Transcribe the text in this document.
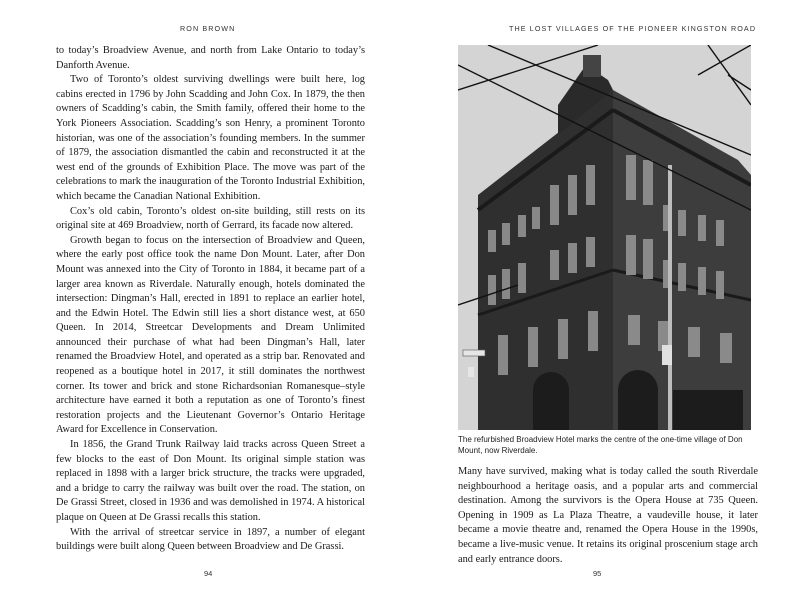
RON BROWN

to today’s Broadview Avenue, and north from Lake Ontario to today’s Danforth Avenue.

Two of Toronto’s oldest surviving dwellings were built here, log cabins erected in 1796 by John Scadding and John Cox. In 1879, the then owners of Scadding’s cabin, the Smith family, offered their home to the York Pioneers Association. Scadding’s son Henry, a prominent Toronto historian, was one of the association’s founding members. In the summer of 1879, the association dismantled the cabin and reconstructed it at the west end of the grounds of Exhibition Place. The move was part of the celebrations to mark the inauguration of the Toronto Industrial Exhibition, which became the Canadian National Exhibition.

Cox’s old cabin, Toronto’s oldest on-site building, still rests on its original site at 469 Broadview, north of Gerrard, its facade now altered.

Growth began to focus on the intersection of Broadview and Queen, where the early post office took the name Don Mount. Later, after Don Mount was annexed into the City of Toronto in 1884, it became part of a larger area known as Riverdale. Naturally enough, hotels dominated the intersection: Dingman’s Hall, erected in 1891 to replace an earlier hotel, and the Edwin Hotel. The Edwin still lies a short distance west, at 650 Queen. In 2014, Streetcar Developments and Dream Unlimited announced their purchase of what had been Dingman’s Hall, later renamed the Broadview Hotel, and operated as a strip bar. Renovated and reopened as a boutique hotel in 2017, it still dominates the northwest corner. Its tower and brick and stone Richardsonian Romanesque–style architecture have earned it both a reputation as one of Toronto’s finest restoration projects and the Lieutenant Governor’s Ontario Heritage Award for Excellence in Conservation.

In 1856, the Grand Trunk Railway laid tracks across Queen Street a few blocks to the east of Don Mount. Its original simple station was replaced in 1898 with a larger brick structure, the tracks were upgraded, and a bridge to carry the railway was built over the road. The station, on De Grassi Street, closed in 1936 and was demolished in 1974. A historical plaque on Queen at De Grassi recalls this station.

With the arrival of streetcar service in 1897, a number of elegant buildings were built along Queen between Broadview and De Grassi.

94
THE LOST VILLAGES OF THE PIONEER KINGSTON ROAD
The refurbished Broadview Hotel marks the centre of the one-time village of Don Mount, now Riverdale.

Many have survived, making what is today called the south Riverdale neighbourhood a heritage oasis, and a popular arts and commercial destination. Among the survivors is the Opera House at 735 Queen. Opening in 1909 as La Plaza Theatre, a vaudeville house, it later became a movie theatre and, renamed the Opera House in the 1990s, became a live-music venue. It retains its original proscenium stage arch and early entrance doors.

95
